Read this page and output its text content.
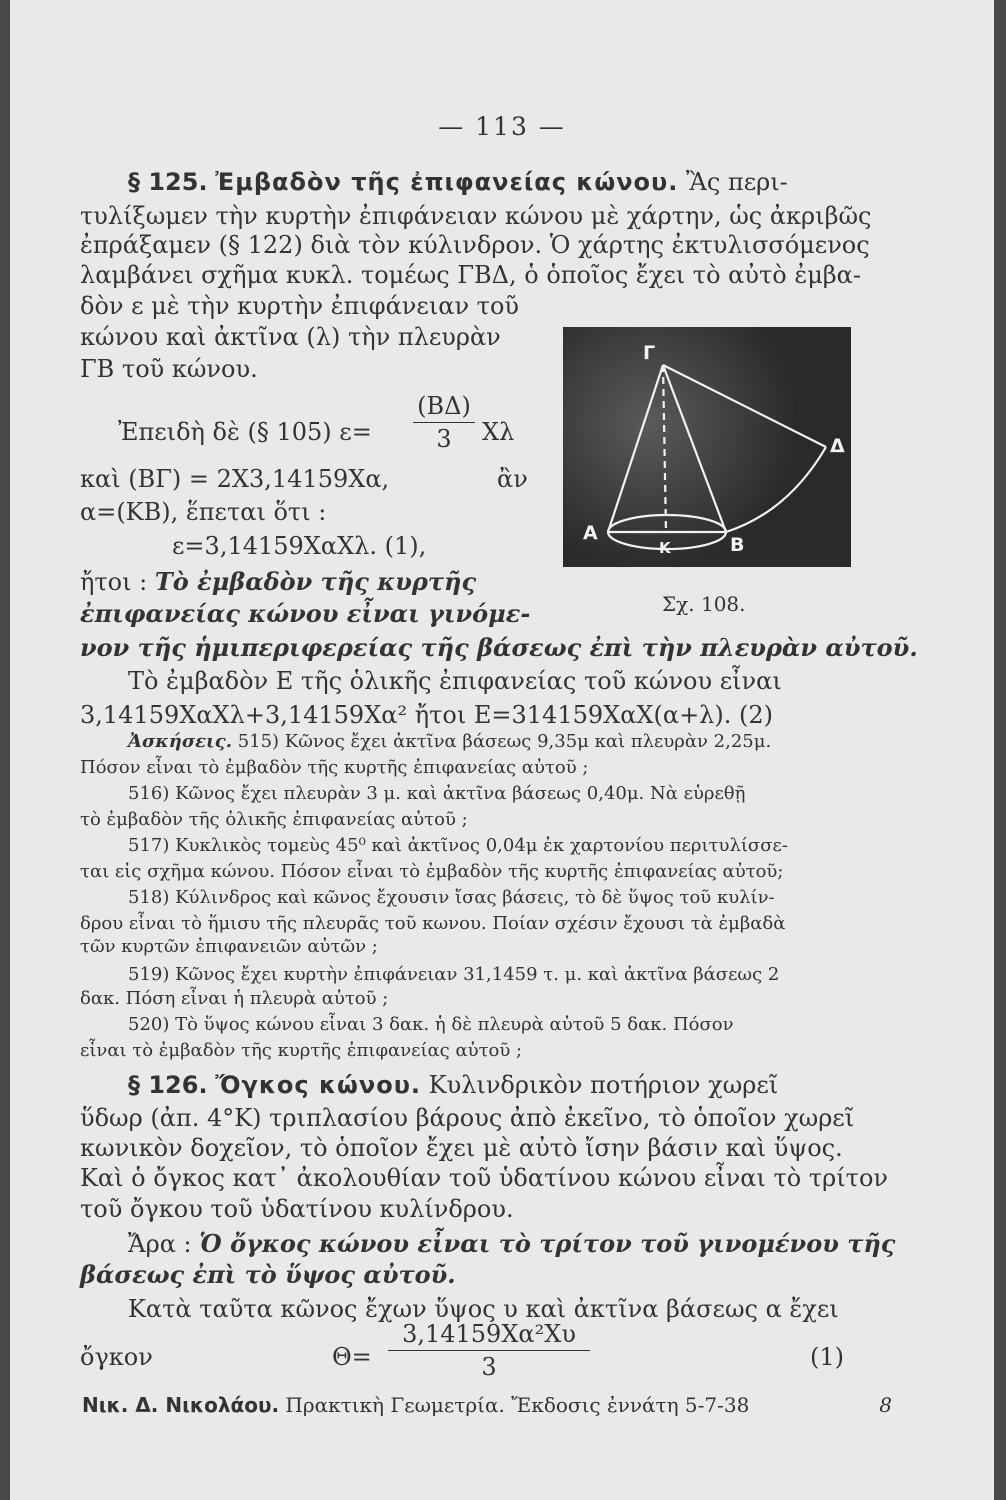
— 113 —
§ 125. Ἐμβαδὸν τῆς ἐπιφανείας κώνου. Ἂς περι-
τυλίξωμεν τὴν κυρτὴν ἐπιφάνειαν κώνου μὲ χάρτην, ὡς ἀκριβῶς
ἐπράξαμεν (§ 122) διὰ τὸν κύλινδρον. Ὁ χάρτης ἐκτυλισσόμενος
λαμβάνει σχῆμα κυκλ. τομέως ΓΒΔ, ὁ ὁποῖος ἔχει τὸ αὐτὸ ἐμβα-
δὸν ε μὲ τὴν κυρτὴν ἐπιφάνειαν τοῦ
κώνου καὶ ἀκτῖνα (λ) τὴν πλευρὰν
ΓΒ τοῦ κώνου.
Ἐπειδὴ δὲ (§ 105) ε=
(ΒΔ)
3	Χλ
καὶ (ΒΓ) = 2Χ3,14159Χα,	ἂν
α=(ΚΒ), ἕπεται ὅτι :
ε=3,14159ΧαΧλ. (1),
ἤτοι : Τὸ ἐμβαδὸν τῆς κυρτῆς
ἐπιφανείας κώνου εἶναι γινόμε-
νον τῆς ἡμιπεριφερείας τῆς βάσεως ἐπὶ τὴν πλευρὰν αὐτοῦ.
Τὸ ἐμβαδὸν Ε τῆς ὁλικῆς ἐπιφανείας τοῦ κώνου εἶναι
3,14159ΧαΧλ+3,14159Χα² ἤτοι Ε=314159ΧαΧ(α+λ). (2)
Γ
Δ
Α
Κ	Β
Σχ. 108.
Ἀσκήσεις. 515) Κῶνος ἔχει ἀκτῖνα βάσεως 9,35μ καὶ πλευρὰν 2,25μ.
Πόσον εἶναι τὸ ἐμβαδὸν τῆς κυρτῆς ἐπιφανείας αὐτοῦ ;
516) Κῶνος ἔχει πλευρὰν 3 μ. καὶ ἀκτῖνα βάσεως 0,40μ. Νὰ εὑρεθῇ
τὸ ἐμβαδὸν τῆς ὁλικῆς ἐπιφανείας αὐτοῦ ;
517) Κυκλικὸς τομεὺς 45⁰ καὶ ἀκτῖνος 0,04μ ἐκ χαρτονίου περιτυλίσσε-
ται εἰς σχῆμα κώνου. Πόσον εἶναι τὸ ἐμβαδὸν τῆς κυρτῆς ἐπιφανείας αὐτοῦ;
518) Κύλινδρος καὶ κῶνος ἔχουσιν ἴσας βάσεις, τὸ δὲ ὕψος τοῦ κυλίν-
δρου εἶναι τὸ ἥμισυ τῆς πλευρᾶς τοῦ κωνου. Ποίαν σχέσιν ἔχουσι τὰ ἐμβαδὰ
τῶν κυρτῶν ἐπιφανειῶν αὐτῶν ;
519) Κῶνος ἔχει κυρτὴν ἐπιφάνειαν 31,1459 τ. μ. καὶ ἀκτῖνα βάσεως 2
δακ. Πόση εἶναι ἡ πλευρὰ αὐτοῦ ;
520) Τὸ ὕψος κώνου εἶναι 3 δακ. ἡ δὲ πλευρὰ αὐτοῦ 5 δακ. Πόσον
εἶναι τὸ ἐμβαδὸν τῆς κυρτῆς ἐπιφανείας αὐτοῦ ;
§ 126. Ὄγκος κώνου. Κυλινδρικὸν ποτήριον χωρεῖ
ὕδωρ (ἀπ. 4°Κ) τριπλασίου βάρους ἀπὸ ἐκεῖνο, τὸ ὁποῖον χωρεῖ
κωνικὸν δοχεῖον, τὸ ὁποῖον ἔχει μὲ αὐτὸ ἴσην βάσιν καὶ ὕψος.
Καὶ ὁ ὄγκος κατ᾽ ἀκολουθίαν τοῦ ὑδατίνου κώνου εἶναι τὸ τρίτον
τοῦ ὄγκου τοῦ ὑδατίνου κυλίνδρου.
Ἄρα : Ὁ ὄγκος κώνου εἶναι τὸ τρίτον τοῦ γινομένου τῆς
βάσεως ἐπὶ τὸ ὕψος αὐτοῦ.
Κατὰ ταῦτα κῶνος ἔχων ὕψος υ καὶ ἀκτῖνα βάσεως α ἔχει
ὄγκον	Θ=
3,14159Χα²Χυ
3	(1)
Νικ. Δ. Νικολάου. Πρακτικὴ Γεωμετρία. Ἔκδοσις ἐννάτη 5-7-38	8
